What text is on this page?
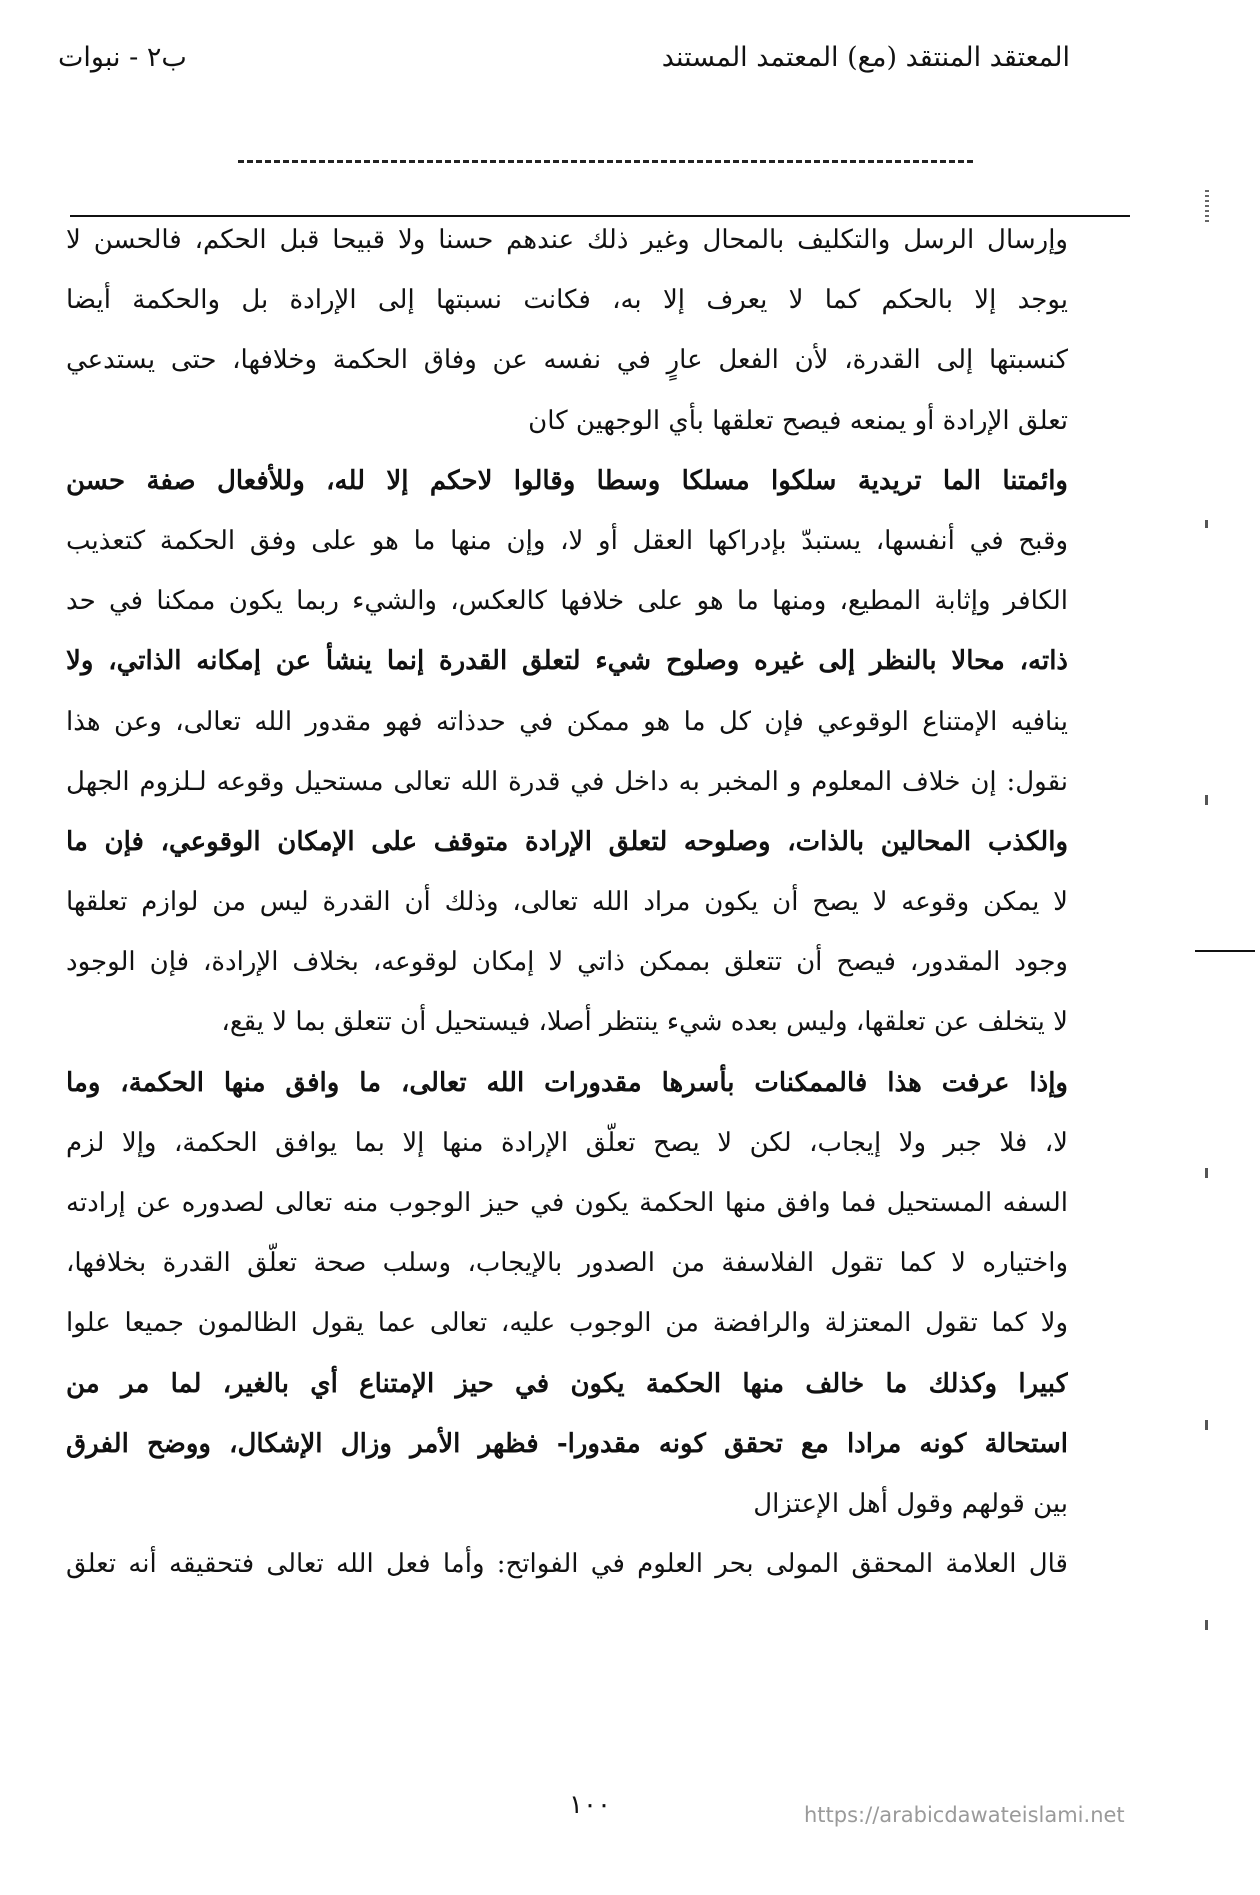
المعتقد المنتقد (مع) المعتمد المستند
ب٢ - نبوات
وإرسال الرسل والتكليف بالمحال وغير ذلك عندهم حسنا ولا قبيحا قبل الحكم، فالحسن لا
يوجد إلا بالحكم كما لا يعرف إلا به، فكانت نسبتها إلى الإرادة بل والحكمة أيضا
كنسبتها إلى القدرة، لأن الفعل عارٍ في نفسه عن وفاق الحكمة وخلافها، حتى يستدعي
تعلق الإرادة أو يمنعه فيصح تعلقها بأي الوجهين كان
وائمتنا الما تريدية سلكوا مسلكا وسطا وقالوا لاحكم إلا لله، وللأفعال صفة حسن
وقبح في أنفسها، يستبدّ بإدراكها العقل أو لا، وإن منها ما هو على وفق الحكمة كتعذيب
الكافر وإثابة المطيع، ومنها ما هو على خلافها كالعكس، والشيء ربما يكون ممكنا في حد
ذاته، محالا بالنظر إلى غيره وصلوح شيء لتعلق القدرة إنما ينشأ عن إمكانه الذاتي، ولا
ينافيه الإمتناع الوقوعي فإن كل ما هو ممكن في حدذاته فهو مقدور الله تعالى، وعن هذا
نقول: إن خلاف المعلوم و المخبر به داخل في قدرة الله تعالى مستحيل وقوعه لـلزوم الجهل
والكذب المحالين بالذات، وصلوحه لتعلق الإرادة متوقف على الإمكان الوقوعي، فإن ما
لا يمكن وقوعه لا يصح أن يكون مراد الله تعالى، وذلك أن القدرة ليس من لوازم تعلقها
وجود المقدور، فيصح أن تتعلق بممكن ذاتي لا إمكان لوقوعه، بخلاف الإرادة، فإن الوجود
لا يتخلف عن تعلقها، وليس بعده شيء ينتظر أصلا، فيستحيل أن تتعلق بما لا يقع،
وإذا عرفت هذا فالممكنات بأسرها مقدورات الله تعالى، ما وافق منها الحكمة، وما
لا، فلا جبر ولا إيجاب، لكن لا يصح تعلّق الإرادة منها إلا بما يوافق الحكمة، وإلا لزم
السفه المستحيل فما وافق منها الحكمة يكون في حيز الوجوب منه تعالى لصدوره عن إرادته
واختياره لا كما تقول الفلاسفة من الصدور بالإيجاب، وسلب صحة تعلّق القدرة بخلافها،
ولا كما تقول المعتزلة والرافضة من الوجوب عليه، تعالى عما يقول الظالمون جميعا علوا
كبيرا وكذلك ما خالف منها الحكمة يكون في حيز الإمتناع أي بالغير، لما مر من
استحالة كونه مرادا مع تحقق كونه مقدورا- فظهر الأمر وزال الإشكال، ووضح الفرق
بين قولهم وقول أهل الإعتزال
قال العلامة المحقق المولى بحر العلوم في الفواتح: وأما فعل الله تعالى فتحقيقه أنه تعلق
١٠٠	https://arabicdawateislami.net
